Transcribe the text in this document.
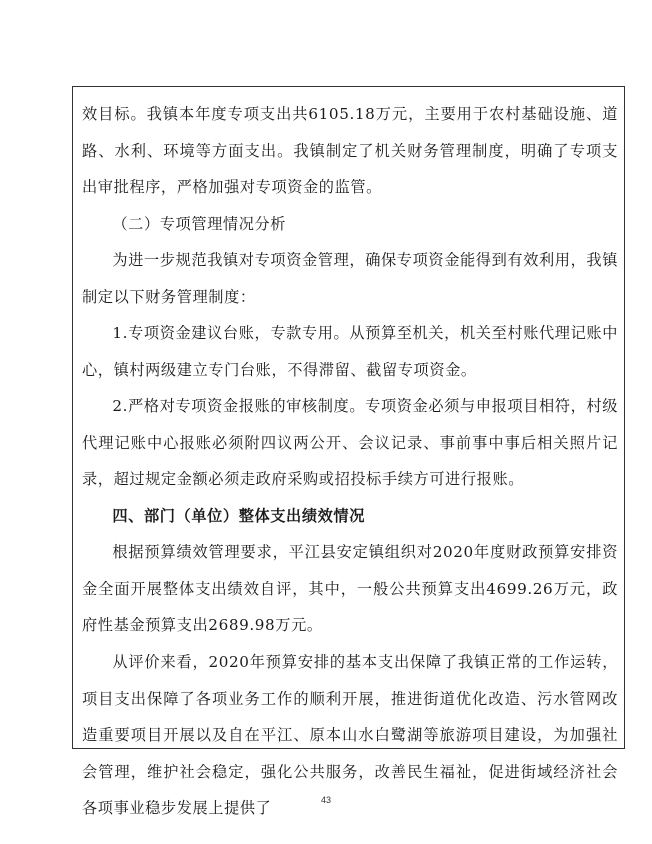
效目标。我镇本年度专项支出共6105.18万元，主要用于农村基础设施、道路、水利、环境等方面支出。我镇制定了机关财务管理制度，明确了专项支出审批程序，严格加强对专项资金的监管。

（二）专项管理情况分析

为进一步规范我镇对专项资金管理，确保专项资金能得到有效利用，我镇制定以下财务管理制度：

1.专项资金建议台账，专款专用。从预算至机关，机关至村账代理记账中心，镇村两级建立专门台账，不得滞留、截留专项资金。

2.严格对专项资金报账的审核制度。专项资金必须与申报项目相符，村级代理记账中心报账必须附四议两公开、会议记录、事前事中事后相关照片记录，超过规定金额必须走政府采购或招投标手续方可进行报账。

四、部门（单位）整体支出绩效情况

根据预算绩效管理要求，平江县安定镇组织对2020年度财政预算安排资金全面开展整体支出绩效自评，其中，一般公共预算支出4699.26万元，政府性基金预算支出2689.98万元。

从评价来看，2020年预算安排的基本支出保障了我镇正常的工作运转，项目支出保障了各项业务工作的顺利开展，推进街道优化改造、污水管网改造重要项目开展以及自在平江、原本山水白鹭湖等旅游项目建设，为加强社会管理，维护社会稳定，强化公共服务，改善民生福祉，促进街域经济社会各项事业稳步发展上提供了	43
